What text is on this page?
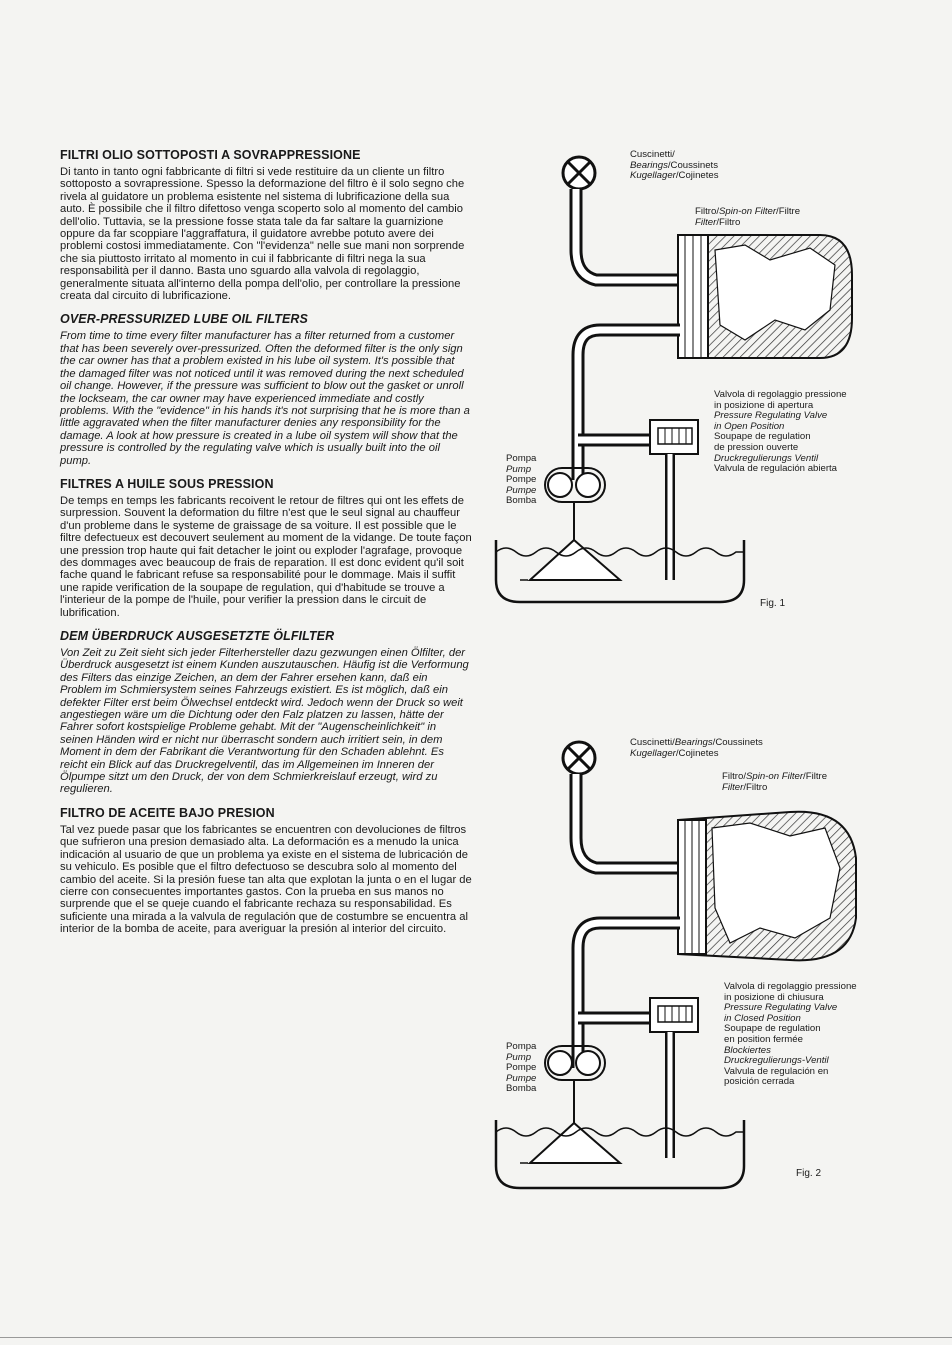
FILTRI OLIO SOTTOPOSTI A SOVRAPPRESSIONE

Di tanto in tanto ogni fabbricante di filtri si vede restituire da un cliente un filtro sottoposto a sovrapressione. Spesso la deformazione del filtro è il solo segno che rivela al guidatore un problema esistente nel sistema di lubrificazione della sua auto. È possibile che il filtro difettoso venga scoperto solo al momento del cambio dell'olio. Tuttavia, se la pressione fosse stata tale da far saltare la guarnizione oppure da far scoppiare l'aggraffatura, il guidatore avrebbe potuto avere dei problemi costosi immediatamente. Con "l'evidenza" nelle sue mani non sorprende che sia piuttosto irritato al momento in cui il fabbricante di filtri nega la sua responsabilità per il danno. Basta uno sguardo alla valvola di regolaggio, generalmente situata all'interno della pompa dell'olio, per controllare la pressione creata dal circuito di lubrificazione.

OVER-PRESSURIZED LUBE OIL FILTERS

From time to time every filter manufacturer has a filter returned from a customer that has been severely over-pressurized. Often the deformed filter is the only sign the car owner has that a problem existed in his lube oil system. It's possible that the damaged filter was not noticed until it was removed during the next scheduled oil change. However, if the pressure was sufficient to blow out the gasket or unroll the lockseam, the car owner may have experienced immediate and costly problems. With the "evidence" in his hands it's not surprising that he is more than a little aggravated when the filter manufacturer denies any responsibility for the damage. A look at how pressure is created in a lube oil system will show that the pressure is controlled by the regulating valve which is usually built into the oil pump.

FILTRES A HUILE SOUS PRESSION

De temps en temps les fabricants recoivent le retour de filtres qui ont les effets de surpression. Souvent la deformation du filtre n'est que le seul signal au chauffeur d'un probleme dans le systeme de graissage de sa voiture. Il est possible que le filtre defectueux est decouvert seulement au moment de la vidange. De toute façon une pression trop haute qui fait detacher le joint ou exploder l'agrafage, provoque des dommages avec beaucoup de frais de reparation. Il est donc evident qu'il soit fache quand le fabricant refuse sa responsabilité pour le dommage. Mais il suffit une rapide verification de la soupape de regulation, qui d'habitude se trouve a l'interieur de la pompe de l'huile, pour verifier la pression dans le circuit de lubrification.

DEM ÜBERDRUCK AUSGESETZTE ÖLFILTER

Von Zeit zu Zeit sieht sich jeder Filterhersteller dazu gezwungen einen Ölfilter, der Überdruck ausgesetzt ist einem Kunden auszutauschen. Häufig ist die Verformung des Filters das einzige Zeichen, an dem der Fahrer ersehen kann, daß ein Problem im Schmiersystem seines Fahrzeugs existiert. Es ist möglich, daß ein defekter Filter erst beim Ölwechsel entdeckt wird. Jedoch wenn der Druck so weit angestiegen wäre um die Dichtung oder den Falz platzen zu lassen, hätte der Fahrer sofort kostspielige Probleme gehabt. Mit der "Augenscheinlichkeit" in seinen Händen wird er nicht nur überrascht sondern auch irritiert sein, in dem Moment in dem der Fabrikant die Verantwortung für den Schaden ablehnt. Es reicht ein Blick auf das Druckregelventil, das im Allgemeinen im Inneren der Ölpumpe sitzt um den Druck, der von dem Schmierkreislauf erzeugt, wird zu regulieren.

FILTRO DE ACEITE BAJO PRESION

Tal vez puede pasar que los fabricantes se encuentren con devoluciones de filtros que sufrieron una presion demasiado alta. La deformación es a menudo la unica indicación al usuario de que un problema ya existe en el sistema de lubricación de su vehiculo. Es posible que el filtro defectuoso se descubra solo al momento del cambio del aceite. Si la presión fuese tan alta que explotan la junta o en el lugar de cierre con consecuentes importantes gastos. Con la prueba en sus manos no surprende que el se queje cuando el fabricante rechaza su responsabilidad. Es suficiente una mirada a la valvula de regulación que de costumbre se encuentra al interior de la bomba de aceite, para averiguar la presión al interior del circuito.

Cuscinetti/
Bearings/Coussinets
Kugellager/Cojinetes
Filtro/Spin-on Filter/Filtre
Filter/Filtro
Valvola di regolaggio pressione
in posizione di apertura
Pressure Regulating Valve
in Open Position
Soupape de regulation
de pression ouverte
Druckregulierungs Ventil
Valvula de regulación abierta
Pompa
Pump
Pompe
Pumpe
Bomba
Fig. 1
Cuscinetti/Bearings/Coussinets
Kugellager/Cojinetes
Filtro/Spin-on Filter/Filtre
Filter/Filtro
Valvola di regolaggio pressione
in posizione di chiusura
Pressure Regulating Valve
in Closed Position
Soupape de regulation
en position fermée
Blockiertes
Druckregulierungs-Ventil
Valvula de regulación en
posición cerrada
Pompa
Pump
Pompe
Pumpe
Bomba
Fig. 2
